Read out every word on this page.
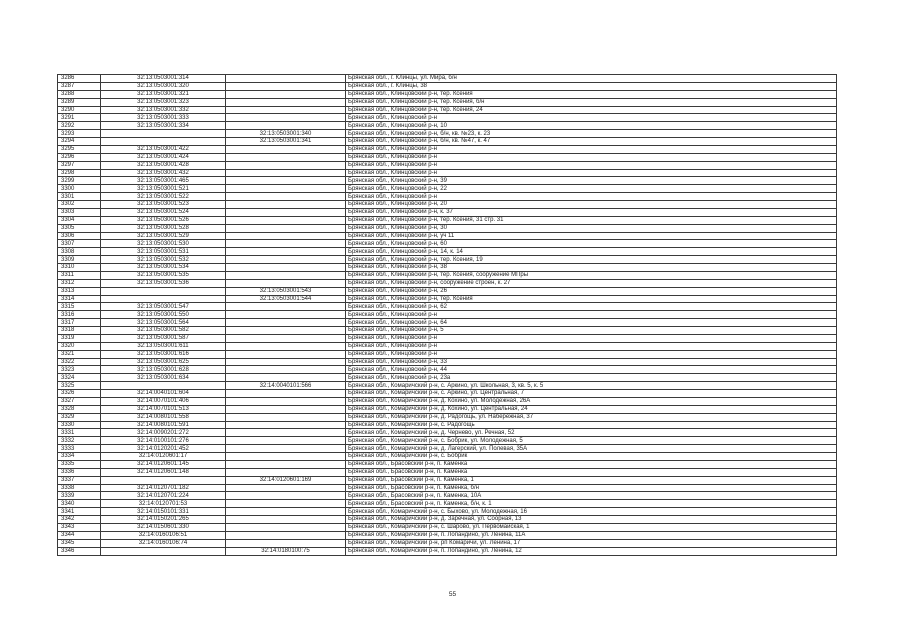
3286	32:13:0503001:314		Брянская обл., г. Клинцы, ул. Мира, б/н
3287	32:13:0503001:320		Брянская обл., г. Клинцы, 38
3288	32:13:0503001:321		Брянская обл., Клинцовский р-н, тер. Ксения
3289	32:13:0503001:323		Брянская обл., Клинцовский р-н, тер. Ксения, б/н
3290	32:13:0503001:332		Брянская обл., Клинцовский р-н, тер. Ксения, 24
3291	32:13:0503001:333		Брянская обл., Клинцовский р-н
3292	32:13:0503001:334		Брянская обл., Клинцовский р-н, 10
3293		32:13:0503001:340	Брянская обл., Клинцовский р-н, б/н, кв. №23, к. 23
3294		32:13:0503001:341	Брянская обл., Клинцовский р-н, б/н, кв. №47, к. 47
3295	32:13:0503001:422		Брянская обл., Клинцовский р-н
3296	32:13:0503001:424		Брянская обл., Клинцовский р-н
3297	32:13:0503001:428		Брянская обл., Клинцовский р-н
3298	32:13:0503001:432		Брянская обл., Клинцовский р-н
3299	32:13:0503001:465		Брянская обл., Клинцовский р-н, 39
3300	32:13:0503001:521		Брянская обл., Клинцовский р-н, 22
3301	32:13:0503001:522		Брянская обл., Клинцовский р-н
3302	32:13:0503001:523		Брянская обл., Клинцовский р-н, 20
3303	32:13:0503001:524		Брянская обл., Клинцовский р-н, к. 37
3304	32:13:0503001:526		Брянская обл., Клинцовский р-н, тер. Ксения, 31 стр. 31
3305	32:13:0503001:528		Брянская обл., Клинцовский р-н, 30
3306	32:13:0503001:529		Брянская обл., Клинцовский р-н, уч 11
3307	32:13:0503001:530		Брянская обл., Клинцовский р-н, 60
3308	32:13:0503001:531		Брянская обл., Клинцовский р-н, 14, к. 14
3309	32:13:0503001:532		Брянская обл., Клинцовский р-н, тер. Ксения, 19
3310	32:13:0503001:534		Брянская обл., Клинцовский р-н, 38
3311	32:13:0503001:535		Брянская обл., Клинцовский р-н, тер. Ксения, сооружение МПры
3312	32:13:0503001:536		Брянская обл., Клинцовский р-н, сооружение строен, к. 27
3313		32:13:0503001:543	Брянская обл., Клинцовский р-н, 26
3314		32:13:0503001:544	Брянская обл., Клинцовский р-н, тер. Ксения
3315	32:13:0503001:547		Брянская обл., Клинцовский р-н, 62
3316	32:13:0503001:550		Брянская обл., Клинцовский р-н
3317	32:13:0503001:564		Брянская обл., Клинцовский р-н, 64
3318	32:13:0503001:582		Брянская обл., Клинцовский р-н, 5
3319	32:13:0503001:587		Брянская обл., Клинцовский р-н
3320	32:13:0503001:611		Брянская обл., Клинцовский р-н
3321	32:13:0503001:616		Брянская обл., Клинцовский р-н
3322	32:13:0503001:625		Брянская обл., Клинцовский р-н, 33
3323	32:13:0503001:628		Брянская обл., Клинцовский р-н, 44
3324	32:13:0503001:634		Брянская обл., Клинцовский р-н, 23а
3325		32:14:0040101:566	Брянская обл., Комаричский р-н, с. Аркино, ул. Школьная, 3, кв. 5, к. 5
3326	32:14:0040101:604		Брянская обл., Комаричский р-н, с. Аркино, ул. Центральная, 7
3327	32:14:0070101:406		Брянская обл., Комаричский р-н, д. Кохино, ул. Молодежная, 26А
3328	32:14:0070101:513		Брянская обл., Комаричский р-н, д. Кохино, ул. Центральная, 24
3329	32:14:0080101:558		Брянская обл., Комаричский р-н, д. Радогощь, ул. Набережная, 37
3330	32:14:0080101:591		Брянская обл., Комаричский р-н, с. Радогощь
3331	32:14:0090201:272		Брянская обл., Комаричский р-н, д. Чернево, ул. Речная, 52
3332	32:14:0100101:276		Брянская обл., Комаричский р-н, с. Бобрик, ул. Молодежная, 5
3333	32:14:0120201:452		Брянская обл., Комаричский р-н, д. Лагерский, ул. Полевая, 35А
3334	32:14:0120601:17		Брянская обл., Комаричский р-н, с. Бобрик
3335	32:14:0120601:145		Брянская обл., Брасовский р-н, п. Каменка
3336	32:14:0120601:148		Брянская обл., Брасовский р-н, п. Каменка
3337		32:14:0120601:169	Брянская обл., Брасовский р-н, п. Каменка, 1
3338	32:14:0120701:182		Брянская обл., Брасовский р-н, п. Каменка, б/н
3339	32:14:0120701:224		Брянская обл., Брасовский р-н, п. Каменка, 10А
3340	32:14:0120701:53		Брянская обл., Брасовский р-н, п. Каменка, б/н, к. 1
3341	32:14:0150101:331		Брянская обл., Комаричский р-н, с. Быхово, ул. Молодежная, 16
3342	32:14:0150201:265		Брянская обл., Комаричский р-н, д. Заречная, ул. Соорная, 13
3343	32:14:0150601:330		Брянская обл., Комаричский р-н, с. Шарово, ул. Первомайская, 1
3344	32:14:0160106:51		Брянская обл., Комаричский р-н, п. Лопандино, ул. Ленина, 11А
3345	32:14:0160106:74		Брянская обл., Комаричский р-н, рп Комаричи, ул. Ленина, 17
3346		32:14:0180100:75	Брянская обл., Комаричский р-н, п. Лопандино, ул. Ленина, 12
55
